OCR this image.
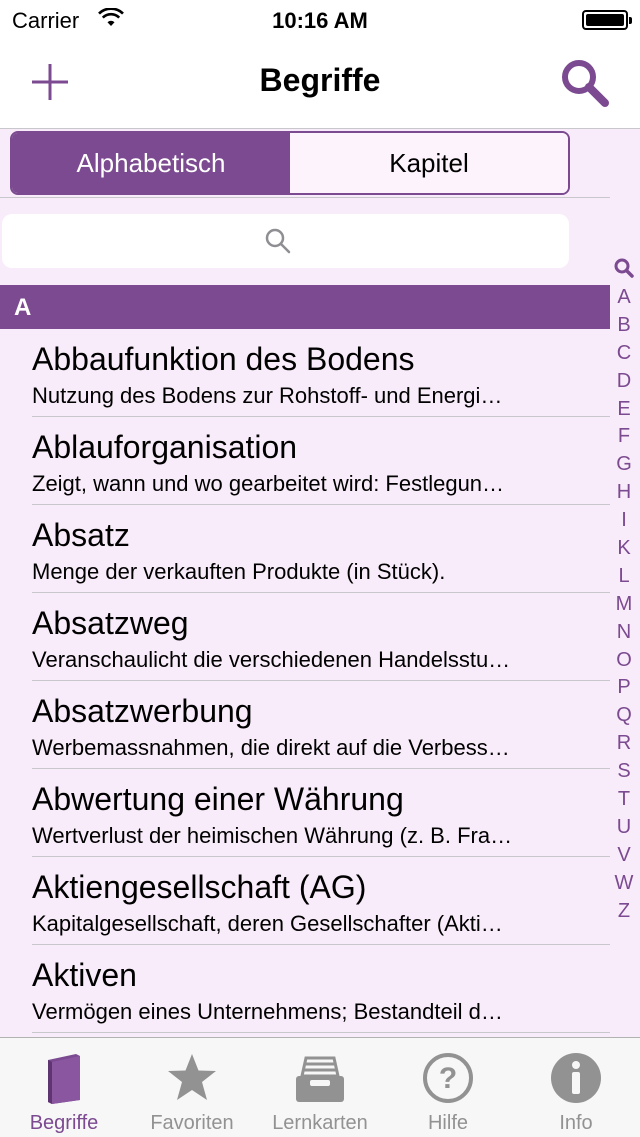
Carrier	10:16 AM
Begriffe
Alphabetisch	Kapitel
A
Abbaufunktion des Bodens
Nutzung des Bodens zur Rohstoff- und Energi…
Ablauforganisation
Zeigt, wann und wo gearbeitet wird: Festlegun…
Absatz
Menge der verkauften Produkte (in Stück).
Absatzweg
Veranschaulicht die verschiedenen Handelsstu…
Absatzwerbung
Werbemassnahmen, die direkt auf die Verbess…
Abwertung einer Währung
Wertverlust der heimischen Währung (z. B. Fra…
Aktiengesellschaft (AG)
Kapitalgesellschaft, deren Gesellschafter (Akti…
Aktiven
Vermögen eines Unternehmens; Bestandteil d…
A
B
C
D
E
F
G
H
I
K
L
M
N
O
P
Q
R
S
T
U
V
W
Z
Begriffe	Favoriten	Lernkarten
?
Hilfe	Info
